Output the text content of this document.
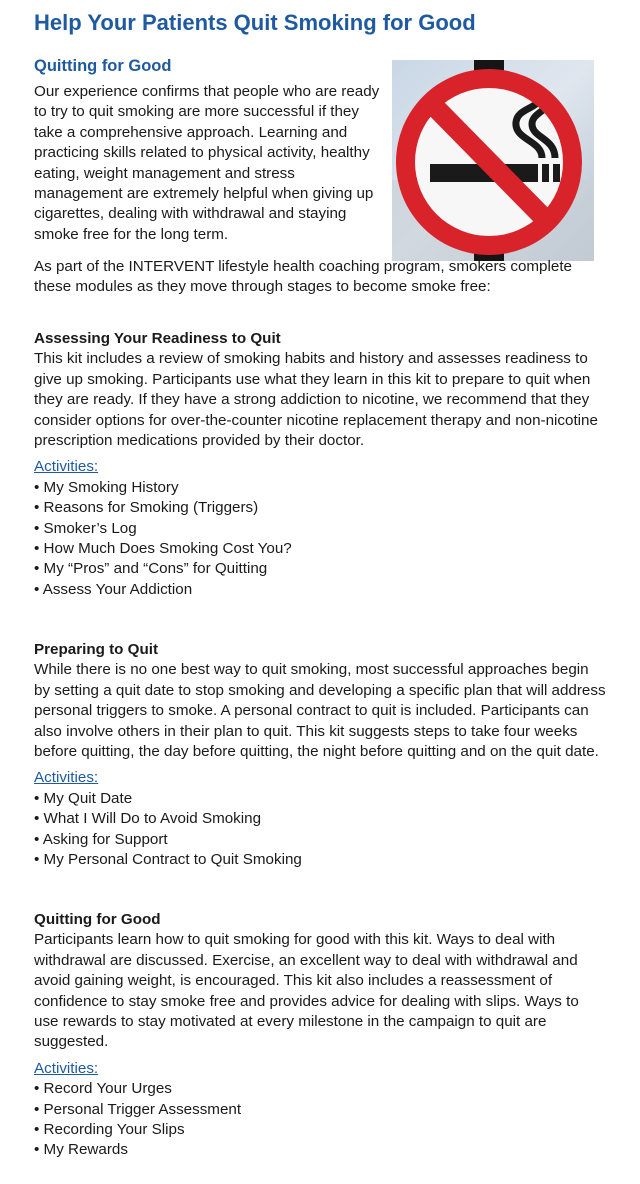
Help Your Patients Quit Smoking for Good
Quitting for Good

Our experience confirms that people who are ready to try to quit smoking are more successful if they take a comprehensive approach. Learning and practicing skills related to physical activity, healthy eating, weight management and stress management are extremely helpful when giving up cigarettes, dealing with withdrawal and staying smoke free for the long term.

As part of the INTERVENT lifestyle health coaching program, smokers complete these modules as they move through stages to become smoke free:

Assessing Your Readiness to Quit

This kit includes a review of smoking habits and history and assesses readiness to give up smoking. Participants use what they learn in this kit to prepare to quit when they are ready. If they have a strong addiction to nicotine, we recommend that they consider options for over-the-counter nicotine replacement therapy and non-nicotine prescription medications provided by their doctor.

Activities:
• My Smoking History
• Reasons for Smoking (Triggers)
• Smoker’s Log
• How Much Does Smoking Cost You?
• My “Pros” and “Cons” for Quitting
• Assess Your Addiction
Preparing to Quit

While there is no one best way to quit smoking, most successful approaches begin by setting a quit date to stop smoking and developing a specific plan that will address personal triggers to smoke. A personal contract to quit is included. Participants can also involve others in their plan to quit. This kit suggests steps to take four weeks before quitting, the day before quitting, the night before quitting and on the quit date.

Activities:
• My Quit Date
• What I Will Do to Avoid Smoking
• Asking for Support
• My Personal Contract to Quit Smoking
Quitting for Good

Participants learn how to quit smoking for good with this kit. Ways to deal with withdrawal are discussed. Exercise, an excellent way to deal with withdrawal and avoid gaining weight, is encouraged. This kit also includes a reassessment of confidence to stay smoke free and provides advice for dealing with slips. Ways to use rewards to stay motivated at every milestone in the campaign to quit are suggested.

Activities:
• Record Your Urges
• Personal Trigger Assessment
• Recording Your Slips
• My Rewards
